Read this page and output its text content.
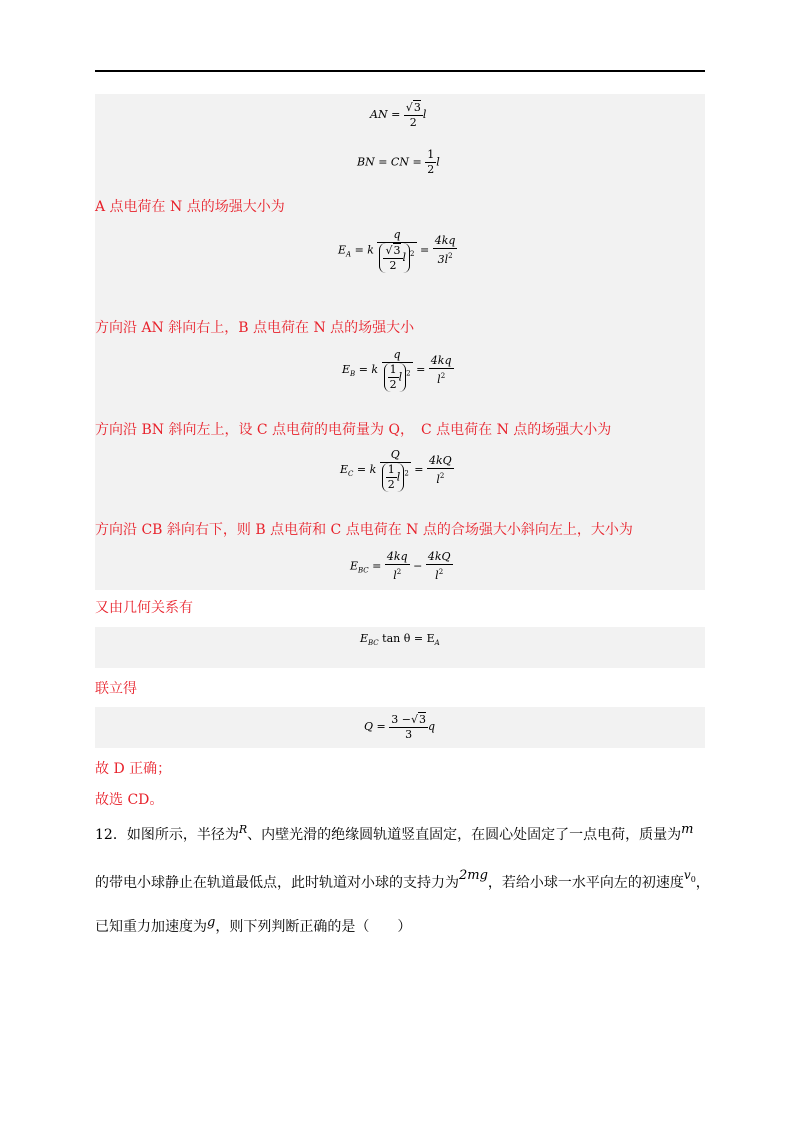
AN = $\frac{√3}{2}$ l
BN = CN = $\frac{1}{2}$ l
A 点电荷在 N 点的场强大小为
$E_A = k \frac{q}{\frac{√3}{2} l ^2} = \frac{4kq}{3l^2}$
方向沿 AN 斜向右上，B 点电荷在 N 点的场强大小
$E_B = k \frac{q}{\frac{1}{2} l ^2} = \frac{4kq}{l^2}$
方向沿 BN 斜向左上，设 C 点电荷的电荷量为 Q，　 C 点电荷在 N 点的场强大小为
$E_C = k \frac{Q}{\frac{1}{2} l ^2} = \frac{4kQ}{l^2}$
方向沿 CB 斜向右下，则 B 点电荷和 C 点电荷在 N 点的合场强大小斜向左上，大小为
$E_{BC} = \frac{4kq}{l^2} - \frac{4kQ}{l^2}$
又由几何关系有
$E_{BC}$ $\tan \theta = E_A$
联立得
$Q = \frac{3 -√3}{3}$ q
故 D 正确；
故选 CD。
12．如图所示，半径为$^R$、内壁光滑的绝缘圆轨道竖直固定，在圆心处固定了一点电荷，质量为m
的带电小球静止在轨道最低点，此时轨道对小球的支持力为2mg，若给小球一水平向左的初速度$v^0$，
已知重力加速度为g，则下列判断正确的是（　　）
